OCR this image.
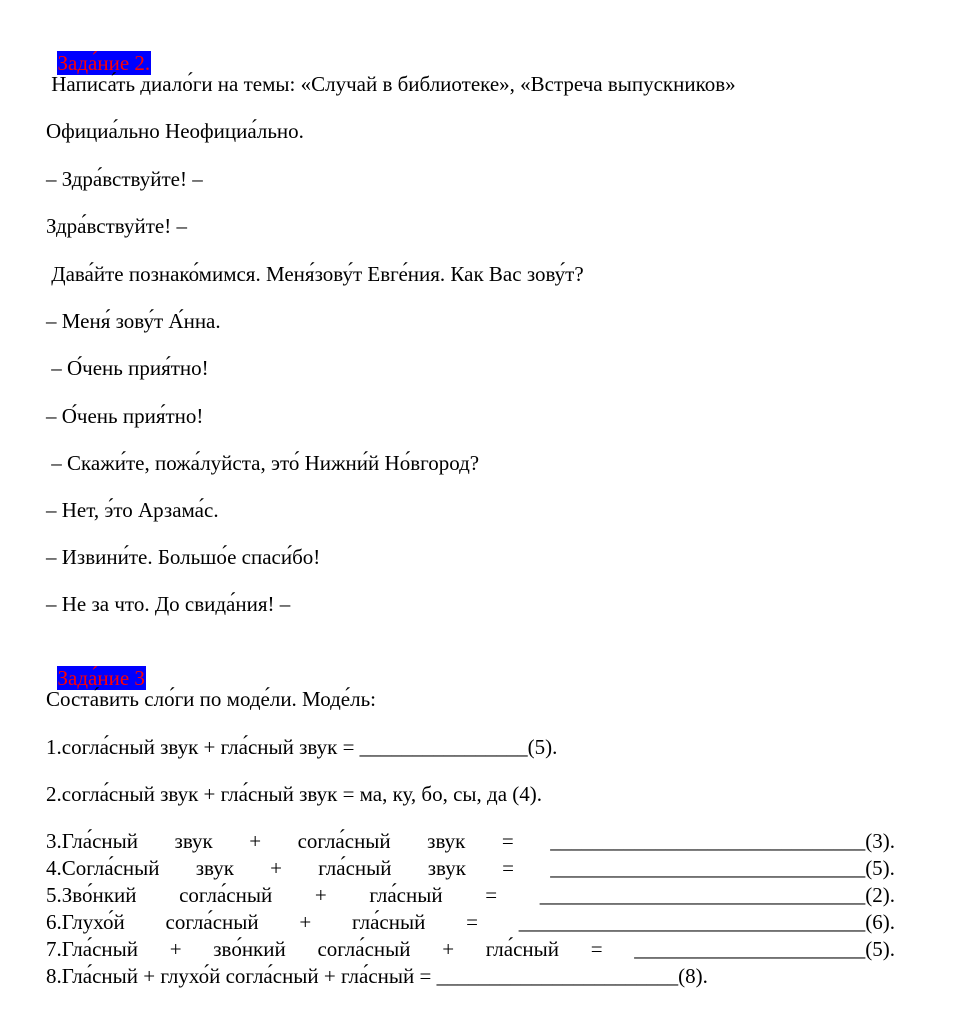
Зада́ние 2.

Написа́ть диало́ги на темы: «Случай в библиотеке», «Встреча выпускников»
Официа́льно Неофициа́льно.
– Здра́вствуйте! –
Здра́вствуйте! –
Дава́йте познако́мимся. Меня́зову́т Евге́ния. Как Вас зову́т?
– Меня́ зову́т А́нна.
– О́чень прия́тно!
– О́чень прия́тно!
– Скажи́те, пожа́луйста, это́ Нижни́й Но́вгород?
– Нет, э́то Арзама́с.
– Извини́те. Большо́е спаси́бо!
– Не за что. До свида́ния! –

Зада́ние 3

Соста́вить сло́ги по моде́ли. Моде́ль:
1.согла́сный звук + гла́сный звук = ________________(5).
2.согла́сный звук + гла́сный звук = ма, ку, бо, сы, да (4).
3.Гла́сный звук + согла́сный звук = ______________________________(3).
4.Согла́сный звук + гла́сный звук = ______________________________(5).
5.Зво́нкий согла́сный + гла́сный = _______________________________(2).
6.Глухо́й согла́сный + гла́сный = _________________________________(6).
7.Гла́сный + зво́нкий согла́сный + гла́сный = ______________________(5).
8.Гла́сный + глухо́й согла́сный + гла́сный = _______________________(8).
